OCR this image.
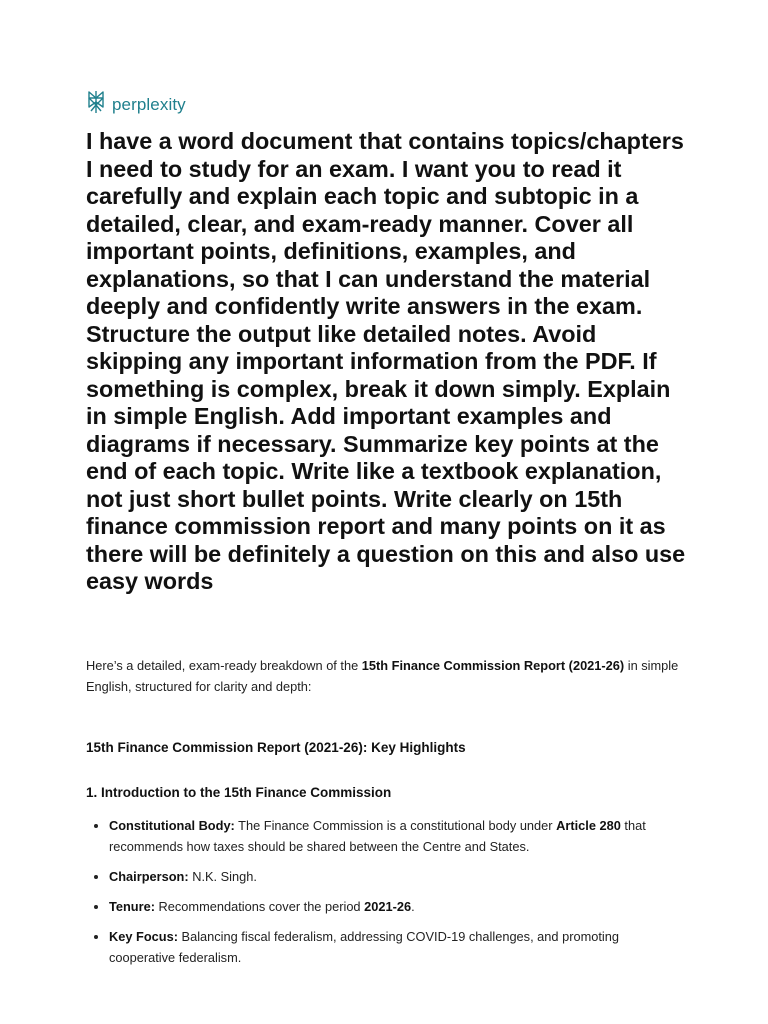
perplexity
I have a word document that contains topics/chapters I need to study for an exam. I want you to read it carefully and explain each topic and subtopic in a detailed, clear, and exam-ready manner. Cover all important points, definitions, examples, and explanations, so that I can understand the material deeply and confidently write answers in the exam. Structure the output like detailed notes. Avoid skipping any important information from the PDF. If something is complex, break it down simply. Explain in simple English. Add important examples and diagrams if necessary. Summarize key points at the end of each topic. Write like a textbook explanation, not just short bullet points. Write clearly on 15th finance commission report and many points on it as there will be definitely a question on this and also use easy words

Here’s a detailed, exam-ready breakdown of the 15th Finance Commission Report (2021-26) in simple English, structured for clarity and depth:

15th Finance Commission Report (2021-26): Key Highlights

1. Introduction to the 15th Finance Commission

• Constitutional Body: The Finance Commission is a constitutional body under Article 280 that recommends how taxes should be shared between the Centre and States.
• Chairperson: N.K. Singh.
• Tenure: Recommendations cover the period 2021-26.
• Key Focus: Balancing fiscal federalism, addressing COVID-19 challenges, and promoting cooperative federalism.
